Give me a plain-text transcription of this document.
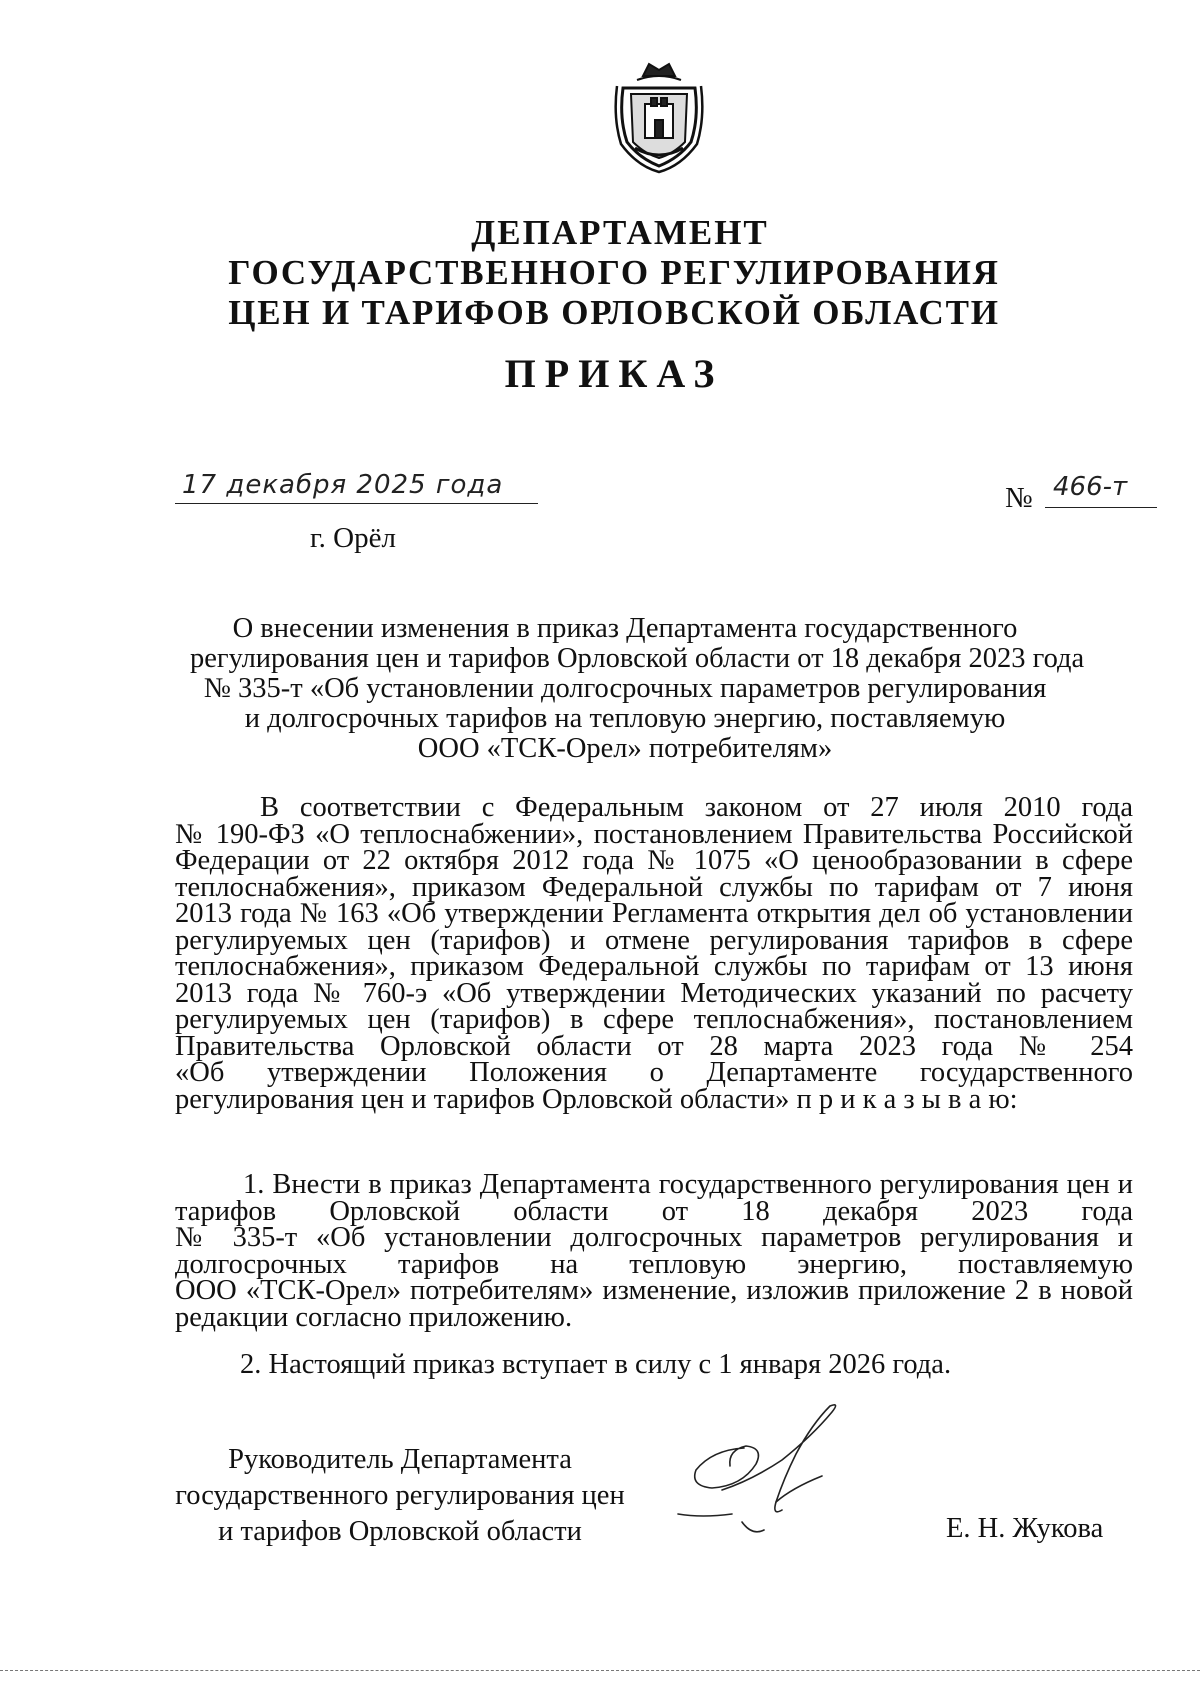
ДЕПАРТАМЕНТ
ГОСУДАРСТВЕННОГО РЕГУЛИРОВАНИЯ
ЦЕН И ТАРИФОВ ОРЛОВСКОЙ ОБЛАСТИ
ПРИКАЗ
17 декабря 2025 года	№ 466-т
г. Орёл
О внесении изменения в приказ Департамента государственного
регулирования цен и тарифов Орловской области от 18 декабря 2023 года
№ 335-т «Об установлении долгосрочных параметров регулирования
и долгосрочных тарифов на тепловую энергию, поставляемую
ООО «ТСК-Орел» потребителям»
В соответствии с Федеральным законом от 27 июля 2010 года
№ 190-ФЗ «О теплоснабжении», постановлением Правительства Российской
Федерации от 22 октября 2012 года № 1075 «О ценообразовании в сфере
теплоснабжения», приказом Федеральной службы по тарифам от 7 июня
2013 года № 163 «Об утверждении Регламента открытия дел об установлении
регулируемых цен (тарифов) и отмене регулирования тарифов в сфере
теплоснабжения», приказом Федеральной службы по тарифам от 13 июня
2013 года № 760-э «Об утверждении Методических указаний по расчету
регулируемых цен (тарифов) в сфере теплоснабжения», постановлением
Правительства Орловской области от 28 марта 2023 года № 254
«Об утверждении Положения о Департаменте государственного
регулирования цен и тарифов Орловской области» п р и к а з ы в а ю:
1. Внести в приказ Департамента государственного регулирования цен и
тарифов Орловской области от 18 декабря 2023 года
№ 335-т «Об установлении долгосрочных параметров регулирования и
долгосрочных тарифов на тепловую энергию, поставляемую
ООО «ТСК-Орел» потребителям» изменение, изложив приложение 2 в новой
редакции согласно приложению.
2. Настоящий приказ вступает в силу с 1 января 2026 года.
Руководитель Департамента
государственного регулирования цен
и тарифов Орловской области	Е. Н. Жукова
